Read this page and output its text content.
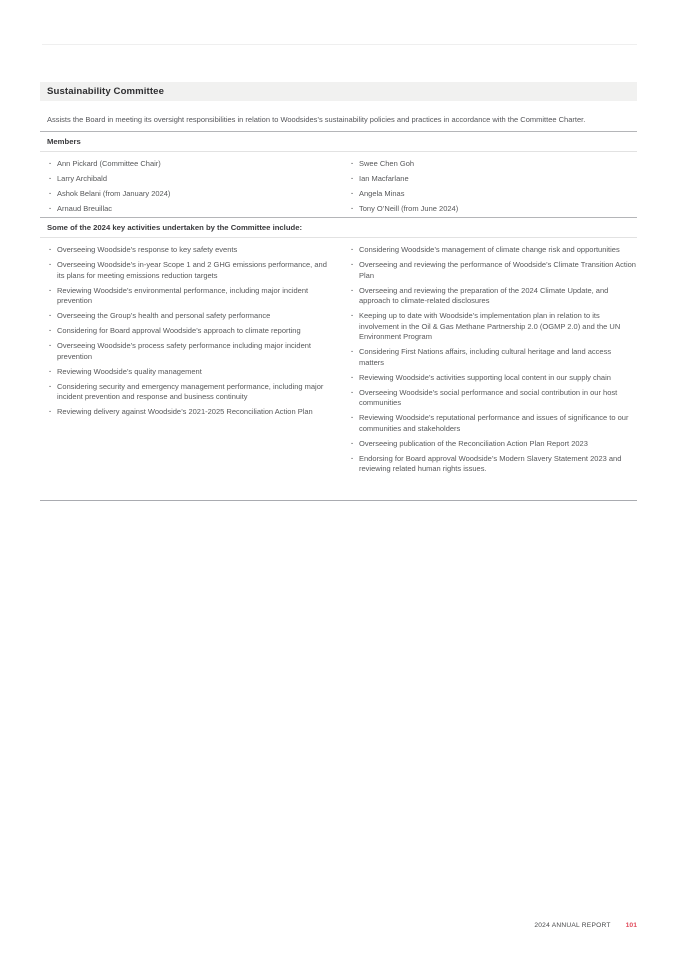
Sustainability Committee

Assists the Board in meeting its oversight responsibilities in relation to Woodsides’s sustainability policies and practices in accordance with the Committee Charter.

Members
· Ann Pickard (Committee Chair)
· Larry Archibald
· Ashok Belani (from January 2024)
· Arnaud Breuillac
· Swee Chen Goh
· Ian Macfarlane
· Angela Minas
· Tony O’Neill (from June 2024)
Some of the 2024 key activities undertaken by the Committee include:
· Overseeing Woodside’s response to key safety events
· Overseeing Woodside’s in-year Scope 1 and 2 GHG emissions performance, and its plans for meeting emissions reduction targets
· Reviewing Woodside’s environmental performance, including major incident prevention
· Overseeing the Group’s health and personal safety performance
· Considering for Board approval Woodside’s approach to climate reporting
· Overseeing Woodside’s process safety performance including major incident prevention
· Reviewing Woodside’s quality management
· Considering security and emergency management performance, including major incident prevention and response and business continuity
· Reviewing delivery against Woodside’s 2021-2025 Reconciliation Action Plan
· Considering Woodside’s management of climate change risk and opportunities
· Overseeing and reviewing the performance of Woodside’s Climate Transition Action Plan
· Overseeing and reviewing the preparation of the 2024 Climate Update, and approach to climate-related disclosures
· Keeping up to date with Woodside’s implementation plan in relation to its involvement in the Oil & Gas Methane Partnership 2.0 (OGMP 2.0) and the UN Environment Program
· Considering First Nations affairs, including cultural heritage and land access matters
· Reviewing Woodside’s activities supporting local content in our supply chain
· Overseeing Woodside’s social performance and social contribution in our host communities
· Reviewing Woodside’s reputational performance and issues of significance to our communities and stakeholders
· Overseeing publication of the Reconciliation Action Plan Report 2023
· Endorsing for Board approval Woodside’s Modern Slavery Statement 2023 and reviewing related human rights issues.
2024 ANNUAL REPORT 101
